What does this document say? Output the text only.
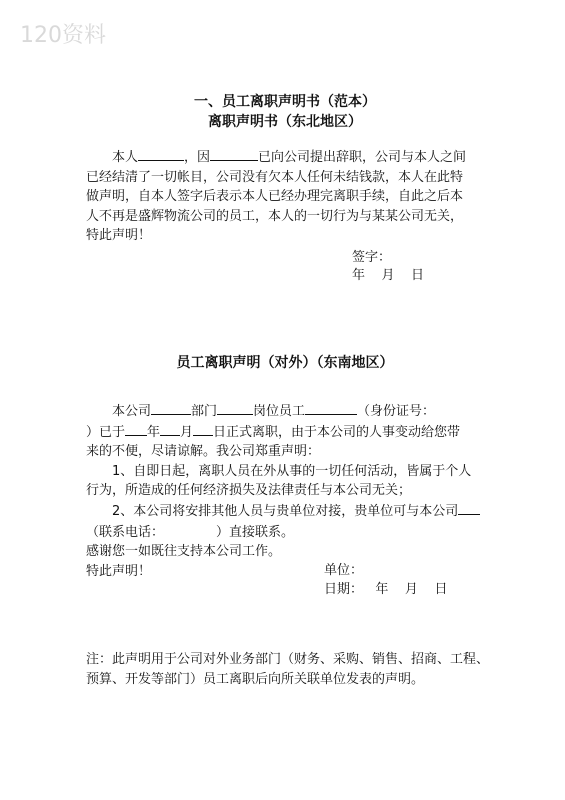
120资料
一、员工离职声明书（范本）
离职声明书（东北地区）
本人	，因	已向公司提出辞职，公司与本人之间
已经结清了一切帐目，公司没有欠本人任何未结钱款，本人在此特
做声明，自本人签字后表示本人已经办理完离职手续，自此之后本
人不再是盛辉物流公司的员工，本人的一切行为与某某公司无关，
特此声明！
签字：
年    月    日
员工离职声明（对外）（东南地区）
本公司	部门	岗位员工	（身份证号：
）已于 年 月 日正式离职，由于本公司的人事变动给您带
来的不便，尽请谅解。我公司郑重声明：
1、自即日起，离职人员在外从事的一切任何活动，皆属于个人
行为，所造成的任何经济损失及法律责任与本公司无关；
2、本公司将安排其他人员与贵单位对接，贵单位可与本公司
（联系电话：	）直接联系。
感谢您一如既往支持本公司工作。
特此声明！	单位：
日期：   年    月    日
注：此声明用于公司对外业务部门（财务、采购、销售、招商、工程、
预算、开发等部门）员工离职后向所关联单位发表的声明。
